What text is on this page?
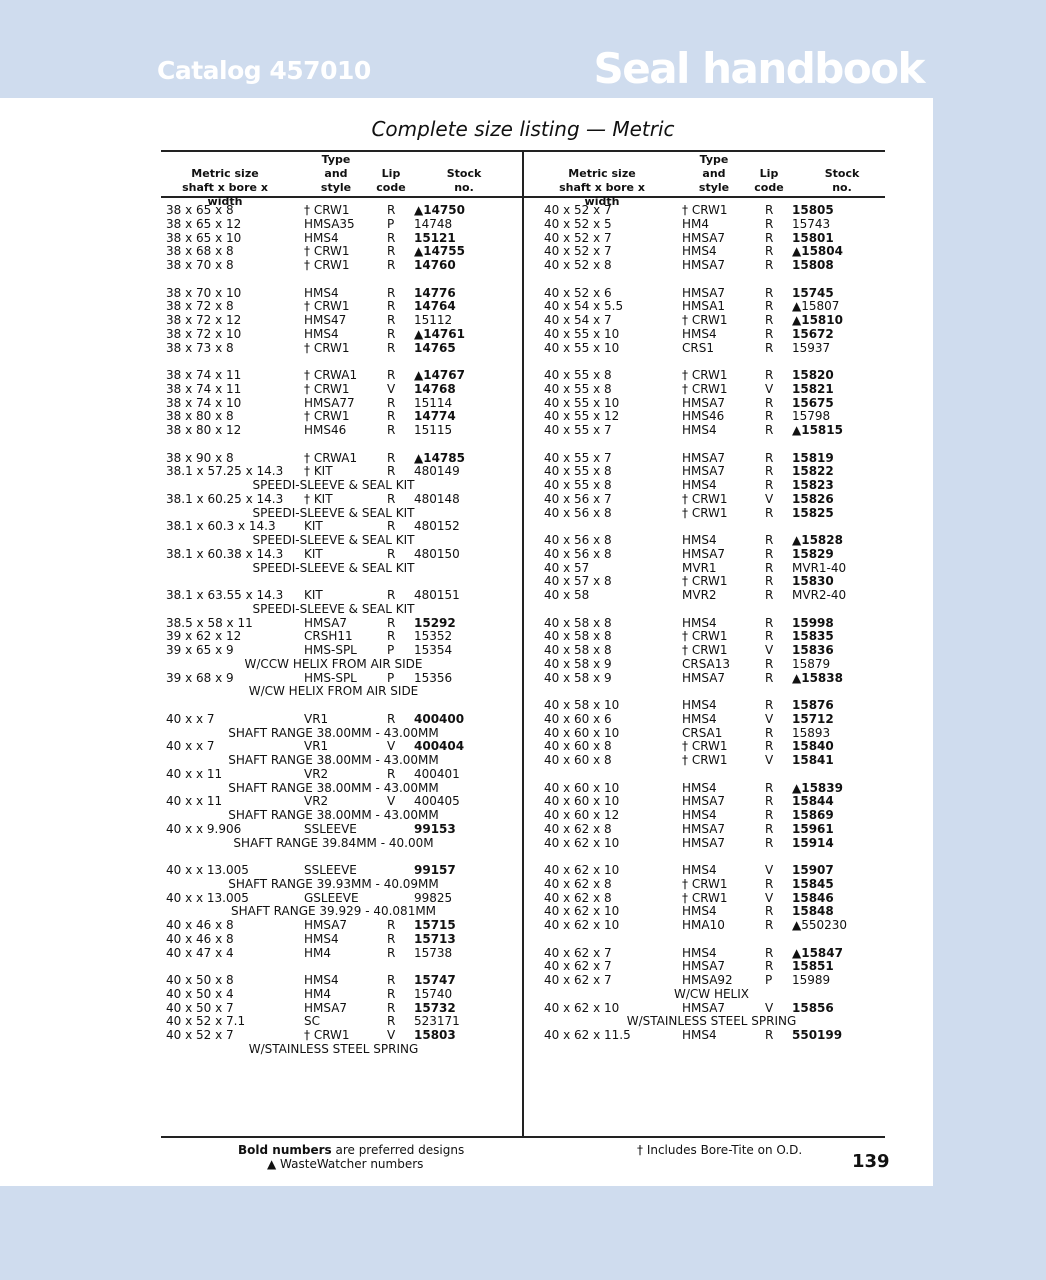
Catalog 457010	Seal handbook
Complete size listing — Metric
Metric size
shaft x bore x width
Type
and
style
Lip
code
Stock
no.
Metric size
shaft x bore x width
Type
and
style
Lip
code
Stock
no.
38 x 65 x 8	† CRW1	R ▲14750
38 x 65 x 12	HMSA35	P 14748
38 x 65 x 10	HMS4	R 15121
38 x 68 x 8	† CRW1	R ▲14755
38 x 70 x 8	† CRW1	R 14760
38 x 70 x 10	HMS4	R 14776
38 x 72 x 8	† CRW1	R 14764
38 x 72 x 12	HMS47	R 15112
38 x 72 x 10	HMS4	R ▲14761
38 x 73 x 8	† CRW1	R 14765
38 x 74 x 11	† CRWA1 R ▲14767
38 x 74 x 11	† CRW1	V 14768
38 x 74 x 10	HMSA77	R 15114
38 x 80 x 8	† CRW1	R 14774
38 x 80 x 12	HMS46	R 15115
38 x 90 x 8	† CRWA1 R ▲14785
38.1 x 57.25 x 14.3 † KIT	R 480149
SPEEDI-SLEEVE & SEAL KIT
38.1 x 60.25 x 14.3 † KIT	R 480148
SPEEDI-SLEEVE & SEAL KIT
38.1 x 60.3 x 14.3 KIT	R 480152
SPEEDI-SLEEVE & SEAL KIT
38.1 x 60.38 x 14.3 KIT	R 480150
SPEEDI-SLEEVE & SEAL KIT
38.1 x 63.55 x 14.3 KIT	R 480151
SPEEDI-SLEEVE & SEAL KIT
38.5 x 58 x 11	HMSA7	R 15292
39 x 62 x 12	CRSH11	R 15352
39 x 65 x 9	HMS-SPL	P 15354
W/CCW HELIX FROM AIR SIDE
39 x 68 x 9	HMS-SPL	P 15356
W/CW HELIX FROM AIR SIDE
40 x x 7	VR1	R 400400
SHAFT RANGE 38.00MM - 43.00MM
40 x x 7	VR1	V 400404
SHAFT RANGE 38.00MM - 43.00MM
40 x x 11	VR2	R 400401
SHAFT RANGE 38.00MM - 43.00MM
40 x x 11	VR2	V 400405
SHAFT RANGE 38.00MM - 43.00MM
40 x x 9.906	SSLEEVE	99153
SHAFT RANGE 39.84MM - 40.00M
40 x x 13.005	SSLEEVE	99157
SHAFT RANGE 39.93MM - 40.09MM
40 x x 13.005	GSLEEVE	99825
SHAFT RANGE 39.929 - 40.081MM
40 x 46 x 8	HMSA7	R 15715
40 x 46 x 8	HMS4	R 15713
40 x 47 x 4	HM4	R 15738
40 x 50 x 8	HMS4	R 15747
40 x 50 x 4	HM4	R 15740
40 x 50 x 7	HMSA7	R 15732
40 x 52 x 7.1	SC	R 523171
40 x 52 x 7	† CRW1	V 15803
W/STAINLESS STEEL SPRING
40 x 52 x 7	† CRW1	R 15805
40 x 52 x 5	HM4	R 15743
40 x 52 x 7	HMSA7	R 15801
40 x 52 x 7	HMS4	R ▲15804
40 x 52 x 8	HMSA7	R 15808
40 x 52 x 6	HMSA7	R 15745
40 x 54 x 5.5	HMSA1	R ▲15807
40 x 54 x 7	† CRW1	R ▲15810
40 x 55 x 10	HMS4	R 15672
40 x 55 x 10	CRS1	R 15937
40 x 55 x 8	† CRW1	R 15820
40 x 55 x 8	† CRW1	V 15821
40 x 55 x 10	HMSA7	R 15675
40 x 55 x 12	HMS46	R 15798
40 x 55 x 7	HMS4	R ▲15815
40 x 55 x 7	HMSA7	R 15819
40 x 55 x 8	HMSA7	R 15822
40 x 55 x 8	HMS4	R 15823
40 x 56 x 7	† CRW1	V 15826
40 x 56 x 8	† CRW1	R 15825
40 x 56 x 8	HMS4	R ▲15828
40 x 56 x 8	HMSA7	R 15829
40 x 57	MVR1	R MVR1-40
40 x 57 x 8	† CRW1	R 15830
40 x 58	MVR2	R MVR2-40
40 x 58 x 8	HMS4	R 15998
40 x 58 x 8	† CRW1	R 15835
40 x 58 x 8	† CRW1	V 15836
40 x 58 x 9	CRSA13	R 15879
40 x 58 x 9	HMSA7	R ▲15838
40 x 58 x 10	HMS4	R 15876
40 x 60 x 6	HMS4	V 15712
40 x 60 x 10	CRSA1	R 15893
40 x 60 x 8	† CRW1	R 15840
40 x 60 x 8	† CRW1	V 15841
40 x 60 x 10	HMS4	R ▲15839
40 x 60 x 10	HMSA7	R 15844
40 x 60 x 12	HMS4	R 15869
40 x 62 x 8	HMSA7	R 15961
40 x 62 x 10	HMSA7	R 15914
40 x 62 x 10	HMS4	V 15907
40 x 62 x 8	† CRW1	R 15845
40 x 62 x 8	† CRW1	V 15846
40 x 62 x 10	HMS4	R 15848
40 x 62 x 10	HMA10	R ▲550230
40 x 62 x 7	HMS4	R ▲15847
40 x 62 x 7	HMSA7	R 15851
40 x 62 x 7	HMSA92	P 15989
W/CW HELIX
40 x 62 x 10	HMSA7	V 15856
W/STAINLESS STEEL SPRING
40 x 62 x 11.5	HMS4	R 550199
Bold numbers are preferred designs
▲ WasteWatcher numbers
† Includes Bore-Tite on O.D.
139
